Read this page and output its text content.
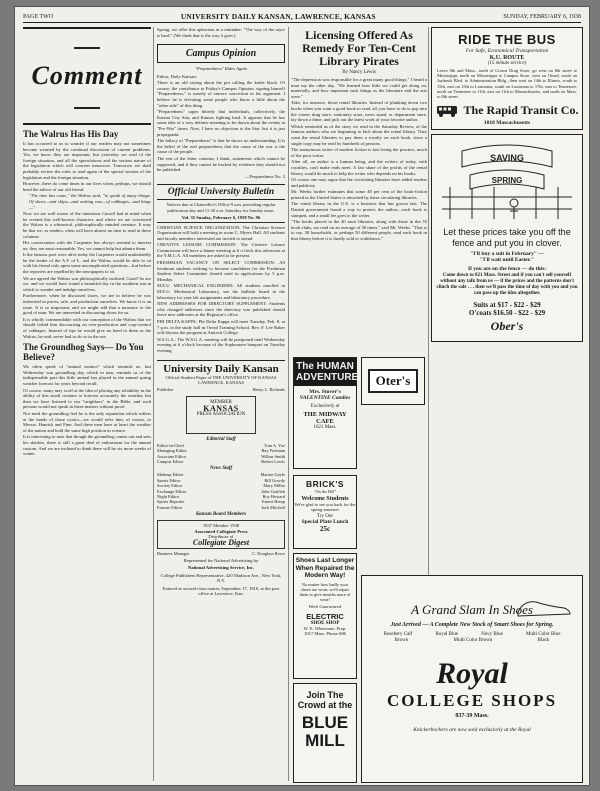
PAGE TWO	UNIVERSITY DAILY KANSAN, LAWRENCE, KANSAS	SUNDAY, FEBRUARY 6, 1938
Comment
The Walrus Has His Day

It has occurred to us to wonder if our readers may not sometimes become wearied by the continual discussion of current problems. Yes, we know they are important, but yesterday we read of the foreign situation, and all the speculations and the serious nature of the legislation which will concern tomorrow. Tomorrow we shall probably review the roles to read again of the special session of the legislature and the foreign situation.

However, there do come times in our lives when, perhaps, we should heed the advice of our old friend:

"The time has come," the Walrus said, "to speak of many things: Of shoes—and ships—and sealing wax—of cabbages—and kings—"

Now we are well aware of the intentions Carroll had in mind when he created this well-known character; and where we are concerned the Walrus is a whimsical, philosophically minded creature. It may be that we, as readers, often will have almost no time to read in these columns.

His conversation with the Carpenter has always seemed to interest us; they are most reasonable. Yes, we cannot help but admire them.

It the famous poet were alive today the Carpenter would undoubtedly be the leader of the A.F. of L. and the Walrus would be able to sit with his friend only upon some uncomplicated questions—but before the reporters are repelled by the newspapers to sit.

We are agreed the Walrus was philosophically inclined. Good! So are we, and we would have found a beautiful day in the southern sun in which to wander and indulge ourselves.

Furthermore, when he discussed shoes, we are to believe he was interested in prices, sale, and production ourselves. We know it is an issue. It is so important, and we might add that a nuisance to the good of man. We are interested in discussing shoes for us.

It is wholly commendable with our conception of the Walrus that we should forbid him discoursing on over-production and crop-control of cabbages. Instead of tips he would give no heed to them as the Walrus, he said, never had to do so in the sea.

The Groundhog Says— Do You Believe?

We often speak of "animal instinct" which reminds us, last Wednesday was groundhog day, which in turn, reminds us of the indispensable part this little animal has played in the annual spring weather forecast for years beyond recall.

Of course, many may scoff at the idea of placing any reliability in the ability of this small creature to forecast accurately the weather, but then we have listened to our "neighbors" in the Bible, and such persons would not speak in these matters without proof.

Nor need the groundhog feel he is the only reputation which suffers at the hands of those cynics—we would refer him, of course, to Messrs. Hanrick and Finn. And these men have at heart the weather of the nation and hold the same high position in science.

It is interesting to note that though the groundhog comes out and sees his shadow, there is still a great deal of enthusiasm for the annual custom. And we are inclined to think there will be six more weeks of winter.

Spring, we offer this aphorism as a reminder: "The way of the rayer is hard." (We think that is the way it goes.)

Campus Opinion
"Preparedness" Rides Again

Editor, Daily Kansan:

There is an old saying about the pot calling the kettle black. Of course, the contributor to Friday's Campus Opinion, signing himself "Preparedness," is merely of sincere conviction in his argument. I believe he is elevating some people who know a little about the "other side" of this thing.

"Preparedness" urges bitterly that individuals, collectively, the Kansas City Star, and Kansas fighting hard. It appears that he has some idea of a very definite meaning to be drawn about the events in "Pre-War" times. Now, I have no objection to the Star, but it is just propaganda.

The fallacy of "Preparedness" is that he shows no understanding. It is the belief of the real preparedness that the cause of the war is the cause of the people.

The rest of the letter contains, I think, statements which cannot be supported, and if they cannot be backed by evidence they should not be published.

—Preparedness No. 2

Official University Bulletin
Notices due at Chancellor's Office 9 a.m. preceding regular publication day and 11:30 a.m. Saturday for Sunday issue.
Vol. 35 Sunday, February 6, 1938 No. 96

CHRISTIAN SCIENCE ORGANIZATION: The Christian Science Organization will hold a meeting in room C, Myers Hall. All students and faculty members interested are invited to attend.

CREATIVE LEISURE COMMISSION: The Creative Leisure Commission will have a dinner meeting at 6 o'clock this afternoon at the Y.M.C.A. All members are asked to be present.

FRESHMAN VACANCY ON SELECT COMMISSION: All freshman students wishing to become candidates for the Freshman Student Select Committee should send in applications by 5 p.m. Monday.

M.E.U. MECHANICAL ENGINEERS: All students enrolled in M.E.U. Mechanical Laboratory, see the bulletin board in the laboratory for your lab assignments and laboratory procedure.

NEW ADDRESSES FOR DIRECTORY SUPPLEMENT: Students who changed addresses since the directory was published should leave new addresses at the Registrar's office.

PHI DELTA KAPPA: Phi Delta Kappa will meet Tuesday, Feb. 8, at 7 p.m. in the study hall in Oread Training School. Rev. F. Lee Baker will discuss the program at Antioch College.

W.S.G.A.: The W.S.G.A. meeting will be postponed until Wednesday evening at 6 o'clock because of the Sophomore banquet on Tuesday evening.

University Daily Kansan
Official Student Paper of THE UNIVERSITY OF KANSAS LAWRENCE, KANSAS
Publisher	Henry L. Richards
MEMBER
KANSAS
PRESS ASSOCIATION
Editorial Staff
Editor-in-Chief	Tom A. Yoe
Managing Editor	Ray Freeman
Associate Editor	Wilbur Smith
Campus Editor	Robert Lewis
News Staff
Makeup Editor	Marion Gayle
Sports Editor	Bill Gowdy
Society Editor	Mary Miller
Exchange Editor	John Gottlieb
Night Editor	Roy Howard
Sports Reporter	Ernest Hemp
Feature Editor	Jack Mitchell
Kansan Board Members
1937 Member 1938
Associated Collegiate Press
Distributor of
Collegiate Digest
Business Manager	C. Douglass Rowe
Represented for National Advertising by
National Advertising Service, Inc.
College Publishers Representative, 420 Madison Ave., New York, N.Y.
Entered as second-class matter, September 17, 1910, at the post office at Lawrence, Kan.
Licensing Offered As Remedy For Ten-Cent Library Pirates
By Nancy Lewis

"The depression was responsible for a great many good things," I heard a man say the other day. "We learned how little we could get along on, materially, and how important such things as the literature and the arts were."

Take, for instance, those rental libraries. Instead of plunking down two bucks when you want a good book to read, all you have to do is pop into the corner drug store, stationery store, news stand, or department store, lay down a dime, and pick out the latest work of your favorite author.

Which reminded us of the story we read in the Saturday Review, of the famous authors who are beginning to kick about the rental library. They want the rental libraries to pay them a royalty on each book, since a single copy may be read by hundreds of persons.

The anonymous writer of modern fiction is fast losing the practice, much of the poor writer.

After all, an author is a human being, and the writers of today, with royalties, can't make ends meet. A fair share of the profits of the rental library would do much to help the writer who depends on his books.

Of course one may argue that the circulating libraries have added readers and publicity.

Mr. Weeks further estimates that some 40 per cent of the book-fiction printed in the United States is absorbed by these circulating libraries.

The rental library in the U.S. is a business that has grown fast. The Danish government found a way to protect the author—each book is stamped, and a small fee goes to the writer.

"The books placed in the 40 most libraries, along with those in the 35 book clubs, are read on an average of 30 times." said Mr. Weeks. "That is to say, 30 households, or perhaps 50 different people, read each book in that library before it is finally sold or withdrawn."

The HUMAN ADVENTURE
Mrs. Stover's
VALENTINE Candies
Exclusively at
THE MIDWAY CAFE
1021 Mass.
Oter's
BRICK'S
"On the Hill"
Welcome Students
We're glad to see you back for the spring semester
Try Our
Special Plate Lunch
25c
Shoes Last Longer When Repaired the Modern Way!
No matter how badly your shoes are worn, we'll repair them to give months more of wear!
Work Guaranteed
ELECTRIC
SHOE SHOP
W. E. Whetstone, Prop.
1017 Mass. Phone 686
Join The Crowd at the
BLUE MILL
RIDE THE BUS
For Safe, Economical Transportation
K.U. ROUTE
(15 minute service)
Leave 8th and Mass., north of Crown Drug Store, go west on 8th street to Mississippi, north on Mississippi to Campus Store, west on Oread, south on Jayhawk Blvd. to Administration Bldg., then west on 14th to Illinois, south to 15th, east on 15th to Louisiana, south on Louisiana to 17th, east to Tennessee, north on Tennessee to 11th, east on 11th to Massachusetts, and north on Mass. to 8th street.
The Rapid Transit Co.
1018 Massachusetts
SAVING
SPRING
Let these prices take you off the fence and put you in clover.
"I'll buy a suit in February" —
"I'll wait until Easter."
If you are on the fence — do this:
Come down to 821 Mass. Street and if you can't sell yourself without any talk from us — if the prices and the patterns don't clinch the sale . . . then we'll pass the time of day with you and you can pass up the idea altogether.
Suits at $17 - $22 - $29
O'coats $16.50 - $22 - $29
Ober's
A Grand Slam In Shoes
Just Arrived — A Complete New Stock of Smart Shoes for Spring.
Rosebery Calf	Royal Blue	Navy Blue	Multi Color Blue
Brown	Multi Color Brown	Black
Royal
COLLEGE SHOPS
837-39 Mass.
Knickerbockers are now sold exclusively at the Royal
